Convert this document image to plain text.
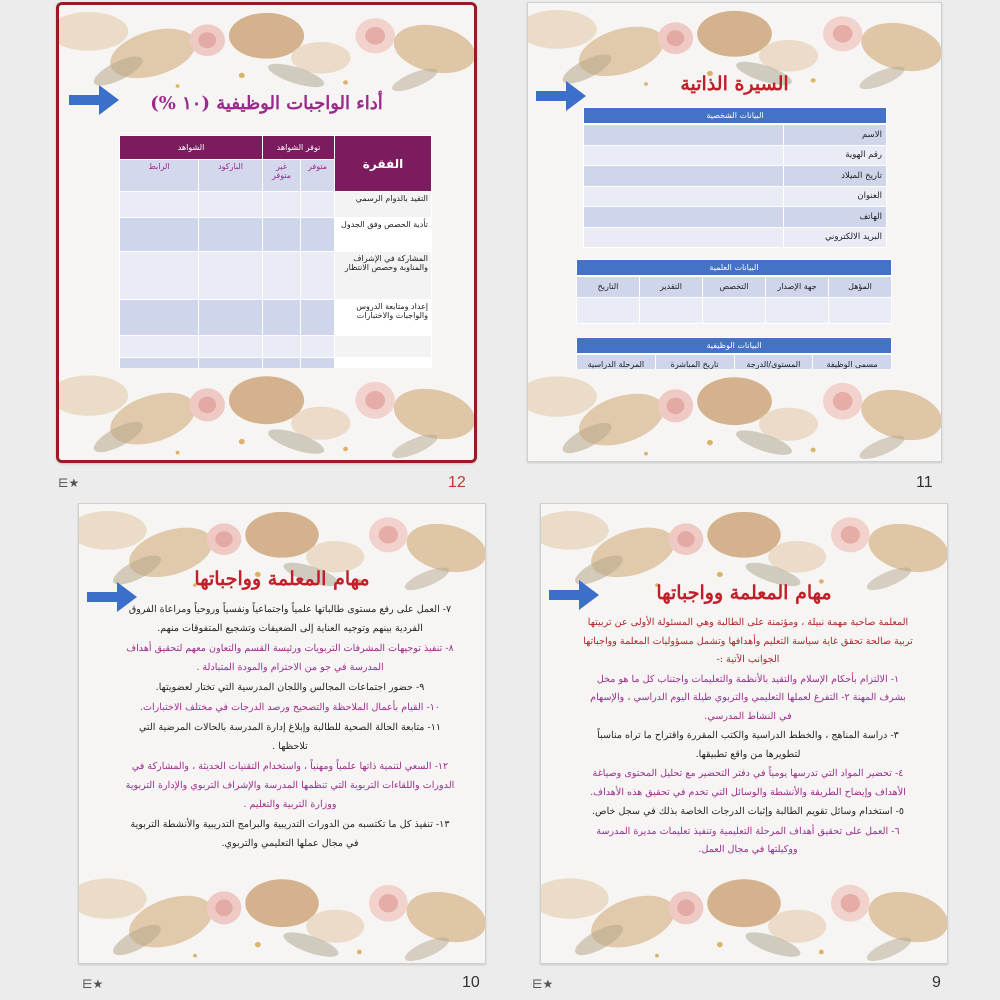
أداء الواجبات الوظيفية (١٠ %)
الفقرة	توفر الشواهد		الشواهد	
	متوفر	غير متوفر	الباركود	الرابط
التقيد بالدوام الرسمي				
تأدية الحصص وفق الجدول				
المشاركة في الإشراف والمناوبة وحصص الانتظار				
إعداد ومتابعة الدروس والواجبات والاختبارات				

⋿★	12
السيرة الذاتية
البيانات الشخصية
الاسم	
رقم الهوية	
تاريخ الميلاد	
العنوان	
الهاتف	
البريد الالكتروني	
البيانات العلمية
المؤهل	جهة الإصدار	التخصص	التقدير	التاريخ

البيانات الوظيفية
مسمى الوظيفة	المستوى/الدرجة	تاريخ المباشرة	المرحلة الدراسية

11
مهام المعلمة وواجباتها

٧- العمل على رفع مستوى طالباتها علمياً واجتماعياً ونفسياً وروحياً ومراعاة الفروق الفردية بينهم وتوجيه العناية إلى الضعيفات وتشجيع المتفوقات منهم.

٨- تنفيذ توجيهات المشرفات التربويات ورئيسة القسم والتعاون معهم لتحقيق أهداف المدرسة في جو من الاحترام والمودة المتبادلة .

٩- حضور اجتماعات المجالس واللجان المدرسية التي تختار لعضويتها.

١٠- القيام بأعمال الملاحظة والتصحيح ورصد الدرجات في مختلف الاختبارات.

١١- متابعة الحالة الصحية للطالبة وإبلاغ إدارة المدرسة بالحالات المرضية التي تلاحظها .

١٢- السعي لتنمية ذاتها علمياً ومهنياً ، واستخدام التقنيات الحديثة ، والمشاركة في الدورات واللقاءات التربوية التي تنظمها المدرسة والإشراف التربوي والإدارة التربوية ووزارة التربية والتعليم .

١٣- تنفيذ كل ما تكتسبه من الدورات التدريبية والبرامج التدريبية والأنشطة التربوية في مجال عملها التعليمي والتربوي.

⋿★	10
مهام المعلمة وواجباتها

المعلمة صاحبة مهمة نبيلة ، ومؤتمنة على الطالبة وهي المسئولة الأولى عن تربيتها تربية صالحة تحقق غاية سياسة التعليم وأهدافها وتشمل مسؤوليات المعلمة وواجباتها الجوانب الآتية :-

١- الالتزام بأحكام الإسلام والتقيد بالأنظمة والتعليمات واجتناب كل ما هو مخل بشرف المهنة ٢- التفرغ لعملها التعليمي والتربوي طيلة اليوم الدراسي ، والإسهام في النشاط المدرسي.

٣- دراسة المناهج ، والخطط الدراسية والكتب المقررة واقتراح ما تراه مناسباً لتطويرها من واقع تطبيقها.

٤- تحضير المواد التي تدرسها يومياً في دفتر التحضير مع تحليل المحتوى وصياغة الأهداف وإيضاح الطريقة والأنشطة والوسائل التي تخدم في تحقيق هذه الأهداف.

٥- استخدام وسائل تقويم الطالبة وإثبات الدرجات الخاصة بذلك في سجل خاص.

٦- العمل على تحقيق أهداف المرحلة التعليمية وتنفيذ تعليمات مديرة المدرسة ووكيلتها في مجال العمل.

⋿★	9
